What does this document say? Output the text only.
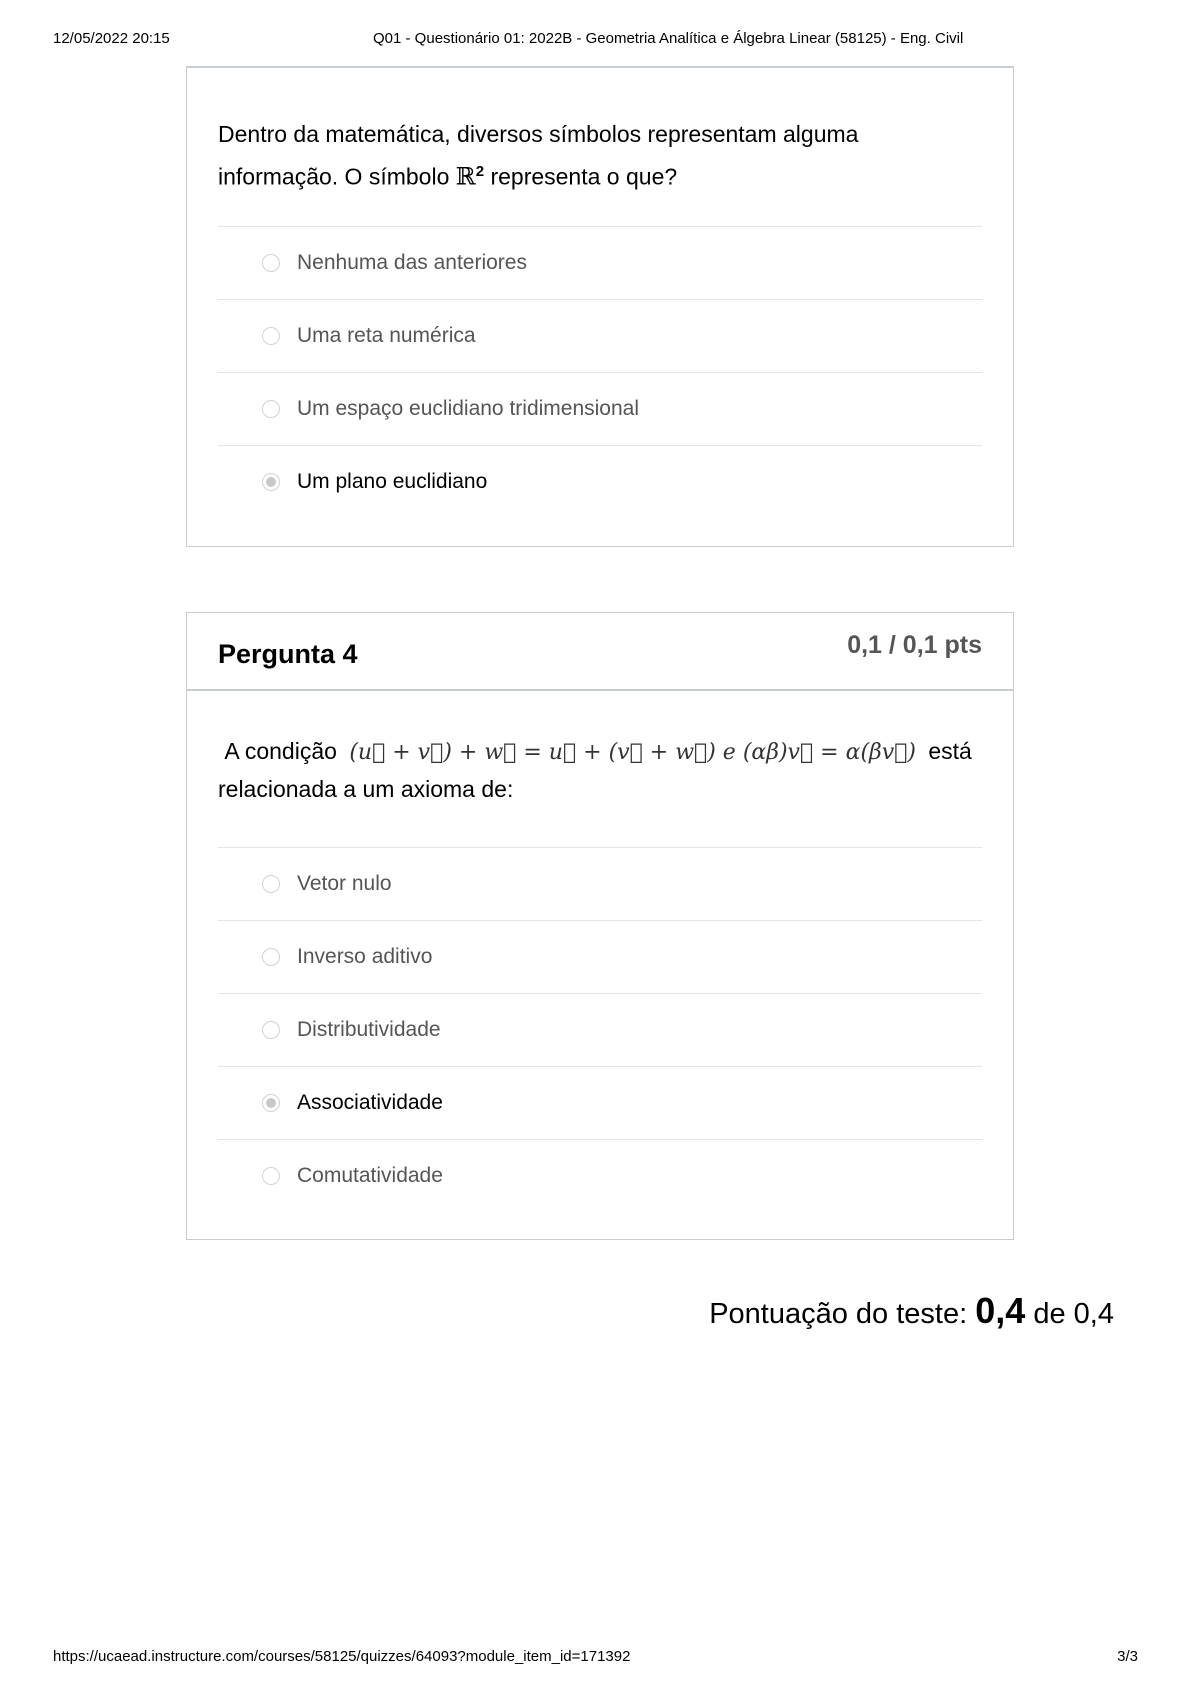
12/05/2022 20:15	Q01 - Questionário 01: 2022B - Geometria Analítica e Álgebra Linear (58125) - Eng. Civil
Dentro da matemática, diversos símbolos representam alguma
informação. O símbolo ℝ$^2$ representa o que?
Nenhuma das anteriores
Uma reta numérica
Um espaço euclidiano tridimensional
Um plano euclidiano
Pergunta 4	0,1 / 0,1 pts
A condição (u⃗ + v⃗) + w⃗ = u⃗ + (v⃗ + w⃗) e (αβ)v⃗ = α(βv⃗) está
relacionada a um axioma de:
Vetor nulo
Inverso aditivo
Distributividade
Associatividade
Comutatividade
Pontuação do teste: 0,4 de 0,4
https://ucaead.instructure.com/courses/58125/quizzes/64093?module_item_id=171392	3/3
